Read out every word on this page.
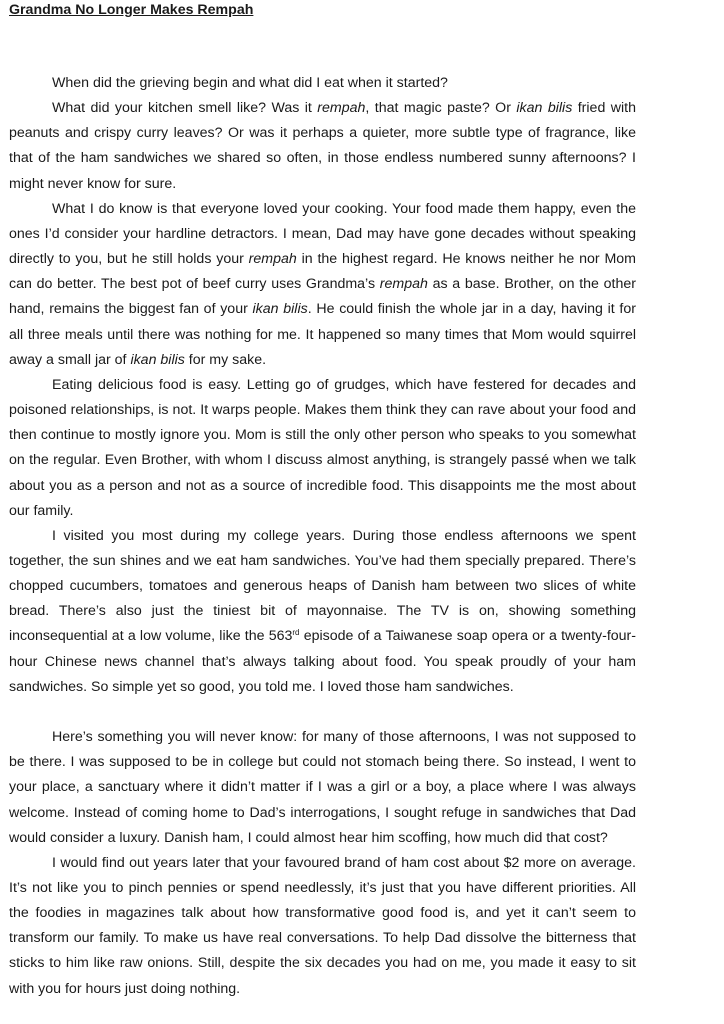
Grandma No Longer Makes Rempah

When did the grieving begin and what did I eat when it started?

What did your kitchen smell like? Was it rempah, that magic paste? Or ikan bilis fried with peanuts and crispy curry leaves? Or was it perhaps a quieter, more subtle type of fragrance, like that of the ham sandwiches we shared so often, in those endless numbered sunny afternoons? I might never know for sure.

What I do know is that everyone loved your cooking. Your food made them happy, even the ones I’d consider your hardline detractors. I mean, Dad may have gone decades without speaking directly to you, but he still holds your rempah in the highest regard. He knows neither he nor Mom can do better. The best pot of beef curry uses Grandma’s rempah as a base. Brother, on the other hand, remains the biggest fan of your ikan bilis. He could finish the whole jar in a day, having it for all three meals until there was nothing for me. It happened so many times that Mom would squirrel away a small jar of ikan bilis for my sake.

Eating delicious food is easy. Letting go of grudges, which have festered for decades and poisoned relationships, is not. It warps people. Makes them think they can rave about your food and then continue to mostly ignore you. Mom is still the only other person who speaks to you somewhat on the regular. Even Brother, with whom I discuss almost anything, is strangely passé when we talk about you as a person and not as a source of incredible food. This disappoints me the most about our family.

I visited you most during my college years. During those endless afternoons we spent together, the sun shines and we eat ham sandwiches. You’ve had them specially prepared. There’s chopped cucumbers, tomatoes and generous heaps of Danish ham between two slices of white bread. There’s also just the tiniest bit of mayonnaise. The TV is on, showing something inconsequential at a low volume, like the 563rd episode of a Taiwanese soap opera or a twenty-four-hour Chinese news channel that’s always talking about food. You speak proudly of your ham sandwiches. So simple yet so good, you told me. I loved those ham sandwiches.

Here’s something you will never know: for many of those afternoons, I was not supposed to be there. I was supposed to be in college but could not stomach being there. So instead, I went to your place, a sanctuary where it didn’t matter if I was a girl or a boy, a place where I was always welcome. Instead of coming home to Dad’s interrogations, I sought refuge in sandwiches that Dad would consider a luxury. Danish ham, I could almost hear him scoffing, how much did that cost?

I would find out years later that your favoured brand of ham cost about $2 more on average. It’s not like you to pinch pennies or spend needlessly, it’s just that you have different priorities. All the foodies in magazines talk about how transformative good food is, and yet it can’t seem to transform our family. To make us have real conversations. To help Dad dissolve the bitterness that sticks to him like raw onions. Still, despite the six decades you had on me, you made it easy to sit with you for hours just doing nothing.
